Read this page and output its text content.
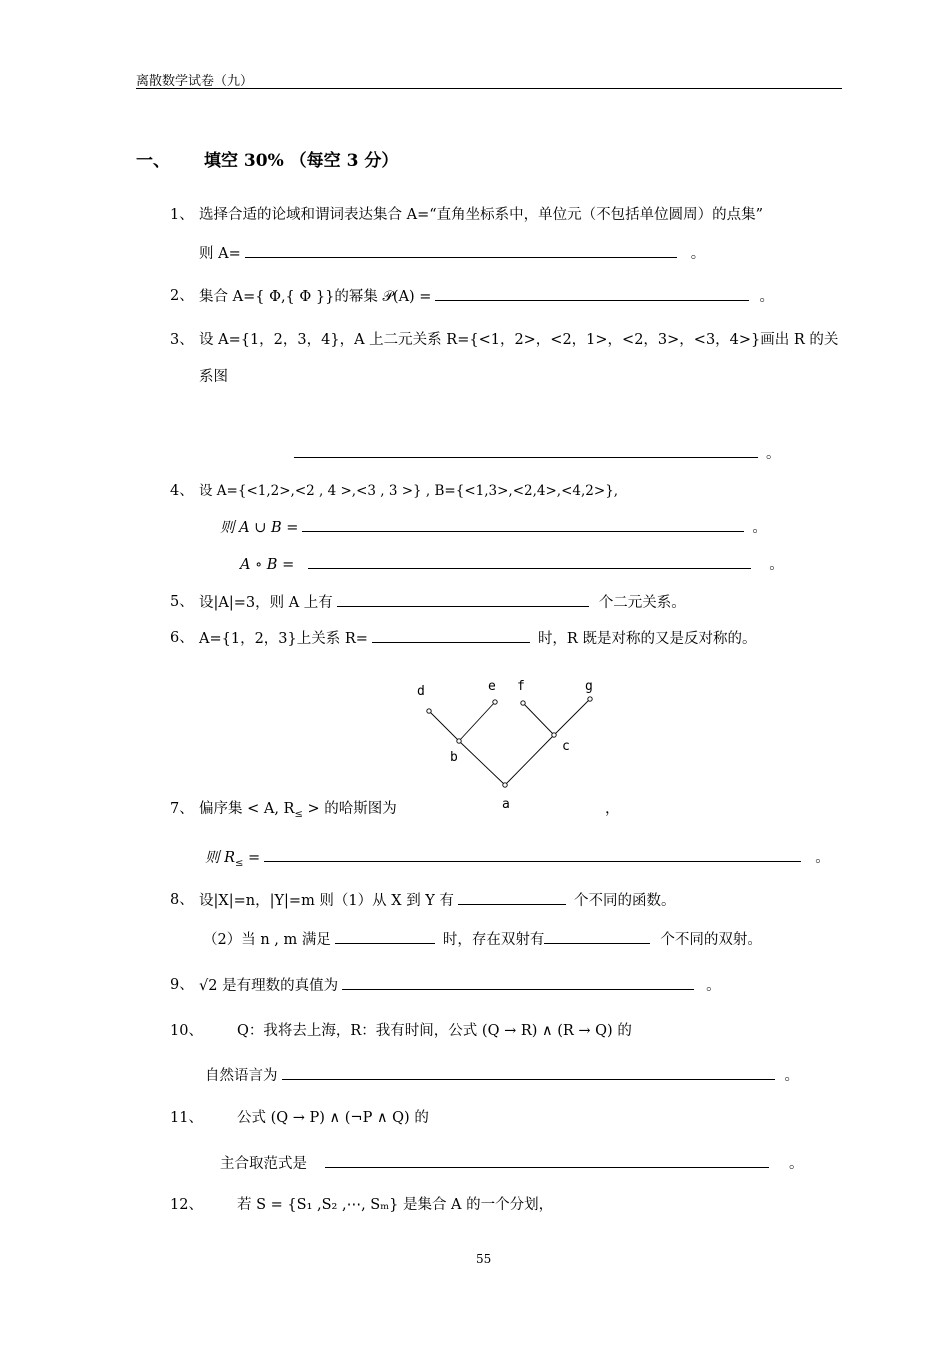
离散数学试卷（九）
一、 填空 30% （每空 3 分）
1、 选择合适的论域和谓词表达集合 A=“直角坐标系中，单位元（不包括单位圆周）的点集”
则 A=	。
2、 集合 A={ Φ,{ Φ }}的幂集 𝒫(A) =	。
3、 设 A={1，2，3，4}，A 上二元关系 R={<1，2>，<2，1>，<2，3>，<3，4>}画出 R 的关
系图
。
4、 设 A={<1,2>,<2 , 4 >,<3 , 3 >} , B={<1,3>,<2,4>,<4,2>},
则 A ∪ B =	。
A ∘ B =	。
5、 设|A|=3，则 A 上有	个二元关系。
6、 A={1，2，3}上关系 R=	时，R 既是对称的又是反对称的。
d	e f	g
b
c
a
7、 偏序集 < A, $R_\le$ > 的哈斯图为	，
则 $R_\le$ =	。
8、 设|X|=n，|Y|=m 则（1）从 X 到 Y 有	个不同的函数。
（2）当 n , m 满足	时，存在双射有	个不同的双射。
9、 √2 是有理数的真值为	。
10、 Q：我将去上海，R：我有时间，公式 (Q → R) ∧ (R → Q) 的
自然语言为	。
11、 公式 (Q → P) ∧ (¬P ∧ Q) 的
主合取范式是	。
12、 若 S = {S₁ ,S₂ ,⋯, Sₘ} 是集合 A 的一个分划，
55
